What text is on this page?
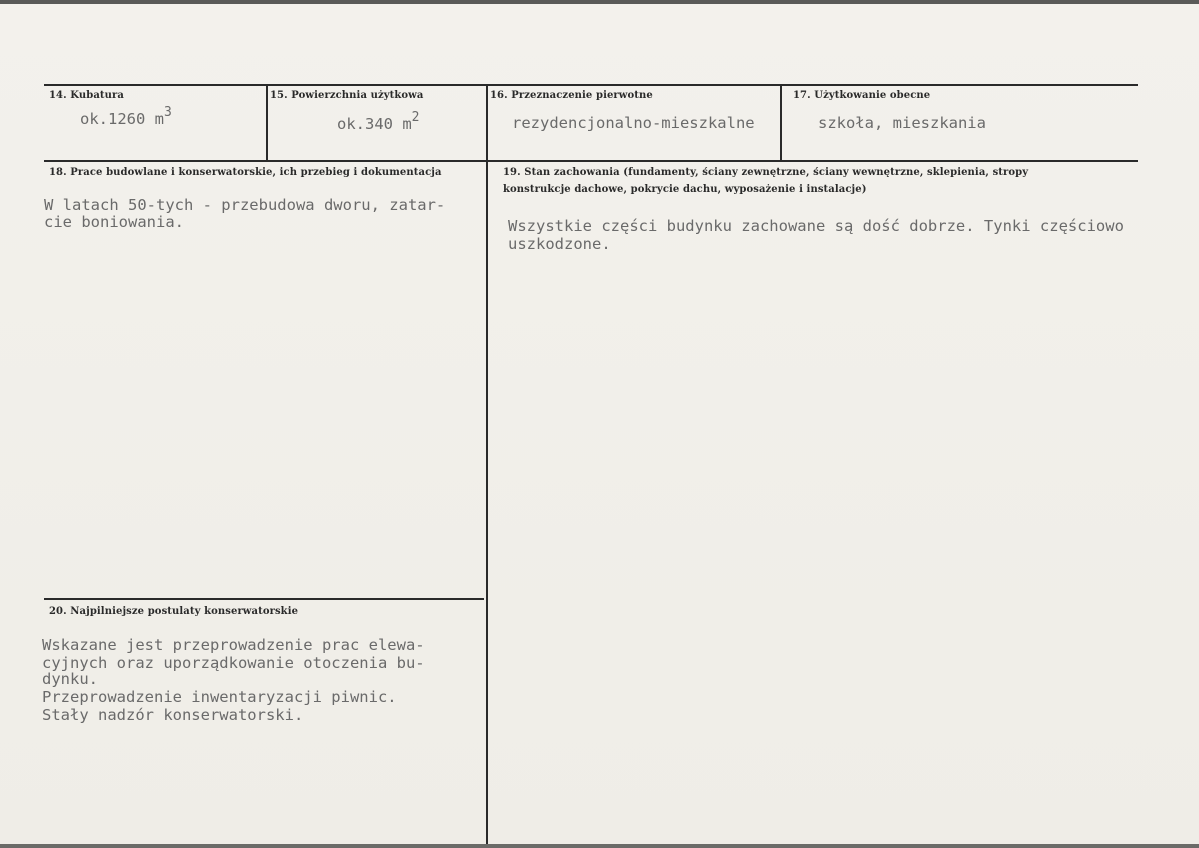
14. Kubatura
ok.1260 $m^3$
15. Powierzchnia użytkowa
ok.340 $m^2$
16. Przeznaczenie pierwotne
rezydencjonalno-mieszkalne
17. Użytkowanie obecne
szkoła, mieszkania
18. Prace budowlane i konserwatorskie, ich przebieg i dokumentacja
W latach 50-tych - przebudowa dworu, zatar-
cie boniowania.
19. Stan zachowania (fundamenty, ściany zewnętrzne, ściany wewnętrzne, sklepienia, stropy
konstrukcje dachowe, pokrycie dachu, wyposażenie i instalacje)
Wszystkie części budynku zachowane są dość dobrze. Tynki częściowo
uszkodzone.
20. Najpilniejsze postulaty konserwatorskie
Wskazane jest przeprowadzenie prac elewa-
cyjnych oraz uporządkowanie otoczenia bu-
dynku.
Przeprowadzenie inwentaryzacji piwnic.
Stały nadzór konserwatorski.
